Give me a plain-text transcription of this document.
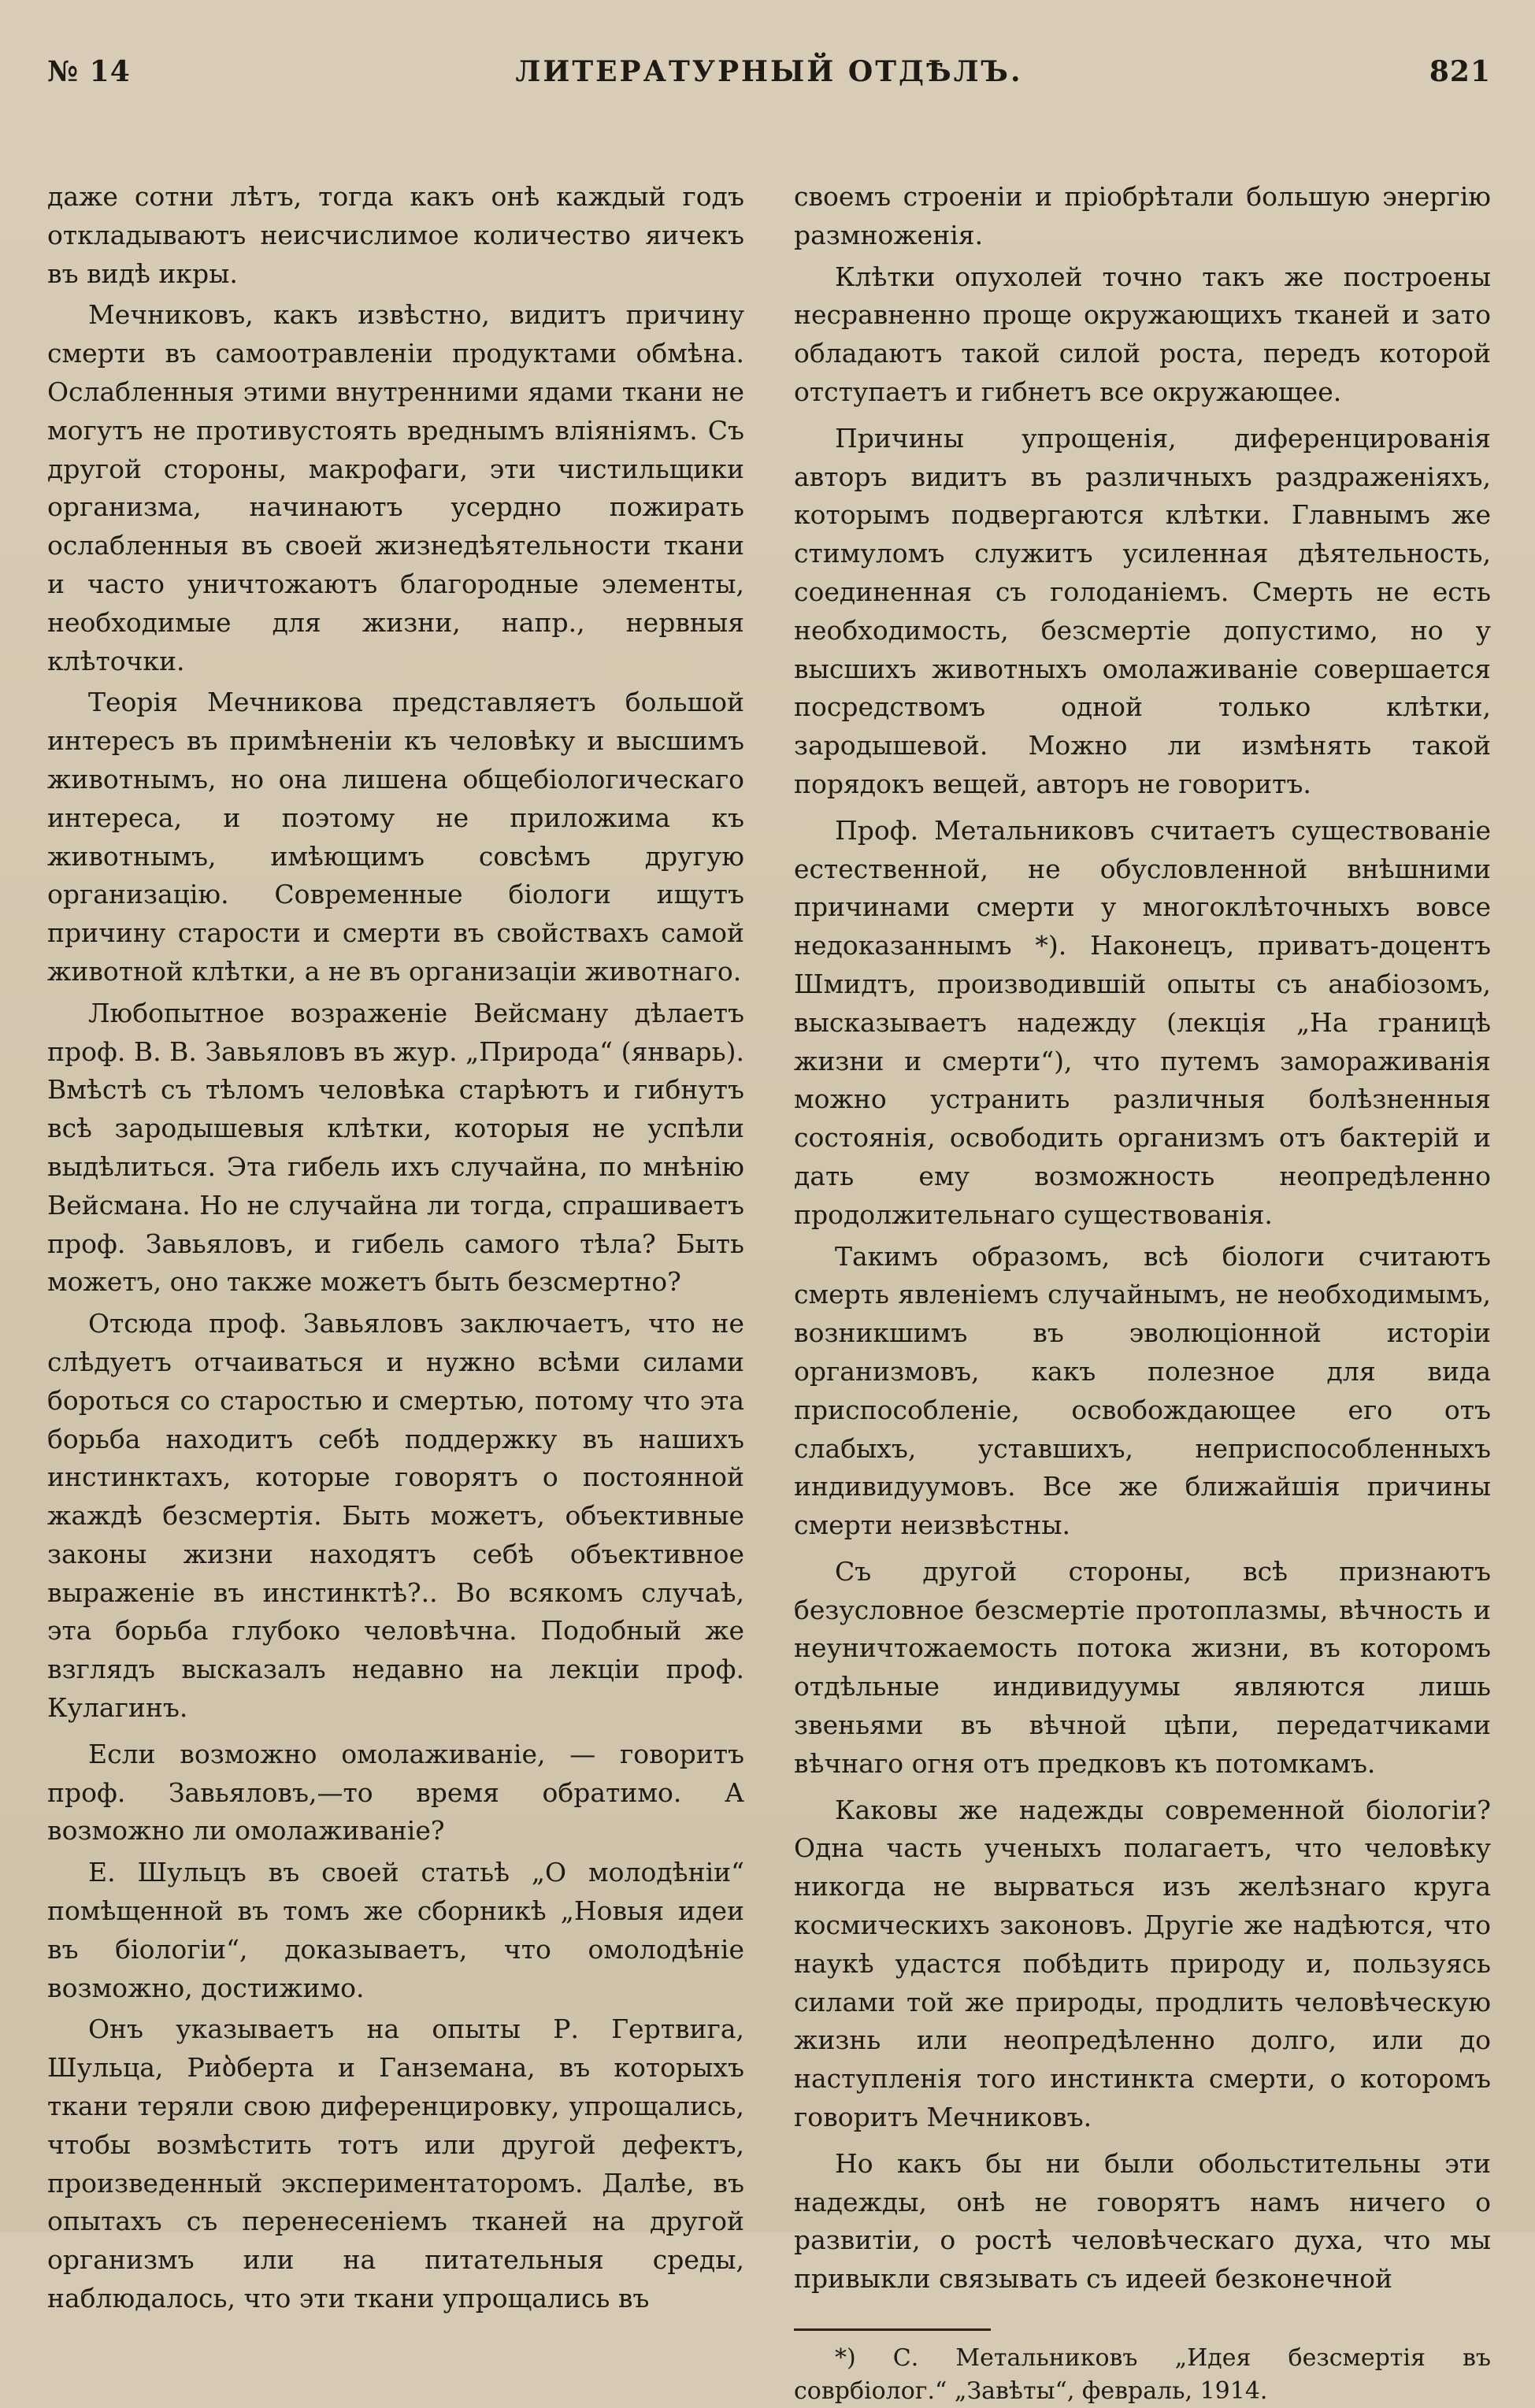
№ 14	ЛИТЕРАТУРНЫЙ ОТДѢЛЪ.	821

даже сотни лѣтъ, тогда какъ онѣ каждый годъ откладываютъ неисчислимое количество яичекъ въ видѣ икры.

Мечниковъ, какъ извѣстно, видитъ причину смерти въ самоотравленіи продуктами обмѣна. Ослабленныя этими внутренними ядами ткани не могутъ не противустоять вреднымъ вліяніямъ. Съ другой стороны, макрофаги, эти чистильщики организма, начинаютъ усердно пожирать ослабленныя въ своей жизнедѣятельности ткани и часто уничтожаютъ благородные элементы, необходимые для жизни, напр., нервныя клѣточки.

Теорія Мечникова представляетъ большой интересъ въ примѣненіи къ человѣку и высшимъ животнымъ, но она лишена общебіологическаго интереса, и поэтому не приложима къ животнымъ, имѣющимъ совсѣмъ другую организацію. Современные біологи ищутъ причину старости и смерти въ свойствахъ самой животной клѣтки, а не въ организаціи животнаго.

Любопытное возраженіе Вейсману дѣлаетъ проф. В. В. Завьяловъ въ жур. „Природа“ (январь). Вмѣстѣ съ тѣломъ человѣка старѣютъ и гибнутъ всѣ зародышевыя клѣтки, которыя не успѣли выдѣлиться. Эта гибель ихъ случайна, по мнѣнію Вейсмана. Но не случайна ли тогда, спрашиваетъ проф. Завьяловъ, и гибель самого тѣла? Быть можетъ, оно также можетъ быть безсмертно?

Отсюда проф. Завьяловъ заключаетъ, что не слѣдуетъ отчаиваться и нужно всѣми силами бороться со старостью и смертью, потому что эта борьба находитъ себѣ поддержку въ нашихъ инстинктахъ, которые говорятъ о постоянной жаждѣ безсмертія. Быть можетъ, объективные законы жизни находятъ себѣ объективное выраженіе въ инстинктѣ?.. Во всякомъ случаѣ, эта борьба глубоко человѣчна. Подобный же взглядъ высказалъ недавно на лекціи проф. Кулагинъ.

Если возможно омолаживаніе, — говоритъ проф. Завьяловъ,—то время обратимо. А возможно ли омолаживаніе?

Е. Шульцъ въ своей статьѣ „О молодѣніи“ помѣщенной въ томъ же сборникѣ „Новыя идеи въ біологіи“, доказываетъ, что омолодѣніе возможно, достижимо.

Онъ указываетъ на опыты Р. Гертвига, Шульца, Риბберта и Ганземана, въ которыхъ ткани теряли свою диференцировку, упрощались, чтобы возмѣстить тотъ или другой дефектъ, произведенный экспериментаторомъ. Далѣе, въ опытахъ съ перенесеніемъ тканей на другой организмъ или на питательныя среды, наблюдалось, что эти ткани упрощались въ

своемъ строеніи и пріобрѣтали большую энергію размноженія.

Клѣтки опухолей точно такъ же построены несравненно проще окружающихъ тканей и зато обладаютъ такой силой роста, передъ которой отступаетъ и гибнетъ все окружающее.

Причины упрощенія, диференцированія авторъ видитъ въ различныхъ раздраженіяхъ, которымъ подвергаются клѣтки. Главнымъ же стимуломъ служитъ усиленная дѣятельность, соединенная съ голоданіемъ. Смерть не есть необходимость, безсмертіе допустимо, но у высшихъ животныхъ омолаживаніе совершается посредствомъ одной только клѣтки, зародышевой. Можно ли измѣнять такой порядокъ вещей, авторъ не говоритъ.

Проф. Метальниковъ считаетъ существованіе естественной, не обусловленной внѣшними причинами смерти у многоклѣточныхъ вовсе недоказаннымъ *). Наконецъ, приватъ-доцентъ Шмидтъ, производившій опыты съ анабіозомъ, высказываетъ надежду (лекція „На границѣ жизни и смерти“), что путемъ замораживанія можно устранить различныя болѣзненныя состоянія, освободить организмъ отъ бактерій и дать ему возможность неопредѣленно продолжительнаго существованія.

Такимъ образомъ, всѣ біологи считаютъ смерть явленіемъ случайнымъ, не необходимымъ, возникшимъ въ эволюціонной исторіи организмовъ, какъ полезное для вида приспособленіе, освобождающее его отъ слабыхъ, уставшихъ, неприспособленныхъ индивидуумовъ. Все же ближайшія причины смерти неизвѣстны.

Съ другой стороны, всѣ признаютъ безусловное безсмертіе протоплазмы, вѣчность и неуничтожаемость потока жизни, въ которомъ отдѣльные индивидуумы являются лишь звеньями въ вѣчной цѣпи, передатчиками вѣчнаго огня отъ предковъ къ потомкамъ.

Каковы же надежды современной біологіи? Одна часть ученыхъ полагаетъ, что человѣку никогда не вырваться изъ желѣзнаго круга космическихъ законовъ. Другіе же надѣются, что наукѣ удастся побѣдить природу и, пользуясь силами той же природы, продлить человѣческую жизнь или неопредѣленно долго, или до наступленія того инстинкта смерти, о которомъ говоритъ Мечниковъ.

Но какъ бы ни были обольстительны эти надежды, онѣ не говорятъ намъ ничего о развитіи, о ростѣ человѣческаго духа, что мы привыкли связывать съ идеей безконечной

*) С. Метальниковъ „Идея безсмертія въ соврбіолог.“ „Завѣты“, февраль, 1914.
